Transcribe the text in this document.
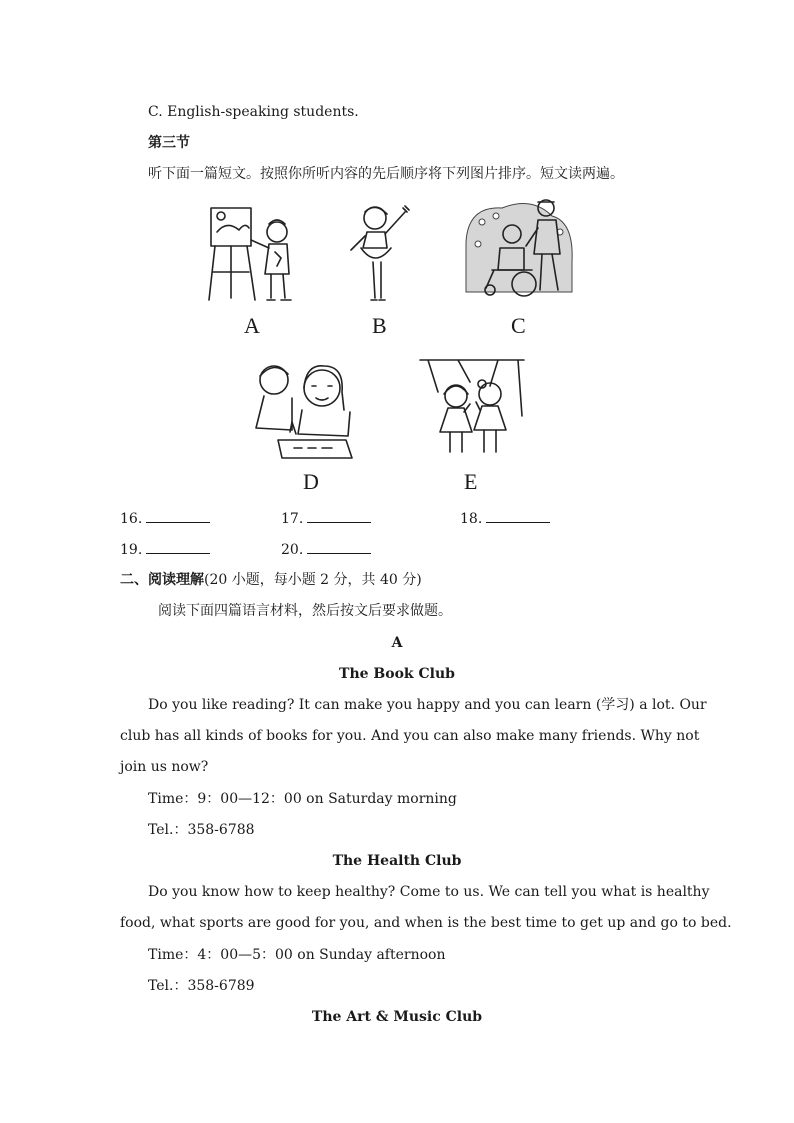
C. English-speaking students.
第三节
听下面一篇短文。按照你所听内容的先后顺序将下列图片排序。短文读两遍。
A	B	C
D	E
16.	17.	18.
19.	20.
二、阅读理解(20 小题，每小题 2 分，共 40 分)
阅读下面四篇语言材料，然后按文后要求做题。
A
The Book Club
Do you like reading? It can make you happy and you can learn (学习) a lot. Our
club has all kinds of books for you. And you can also make many friends. Why not
join us now?
Time：9：00—12：00 on Saturday morning
Tel.：358-6788
The Health Club
Do you know how to keep healthy? Come to us. We can tell you what is healthy
food, what sports are good for you, and when is the best time to get up and go to bed.
Time：4：00—5：00 on Sunday afternoon
Tel.：358-6789
The Art & Music Club
